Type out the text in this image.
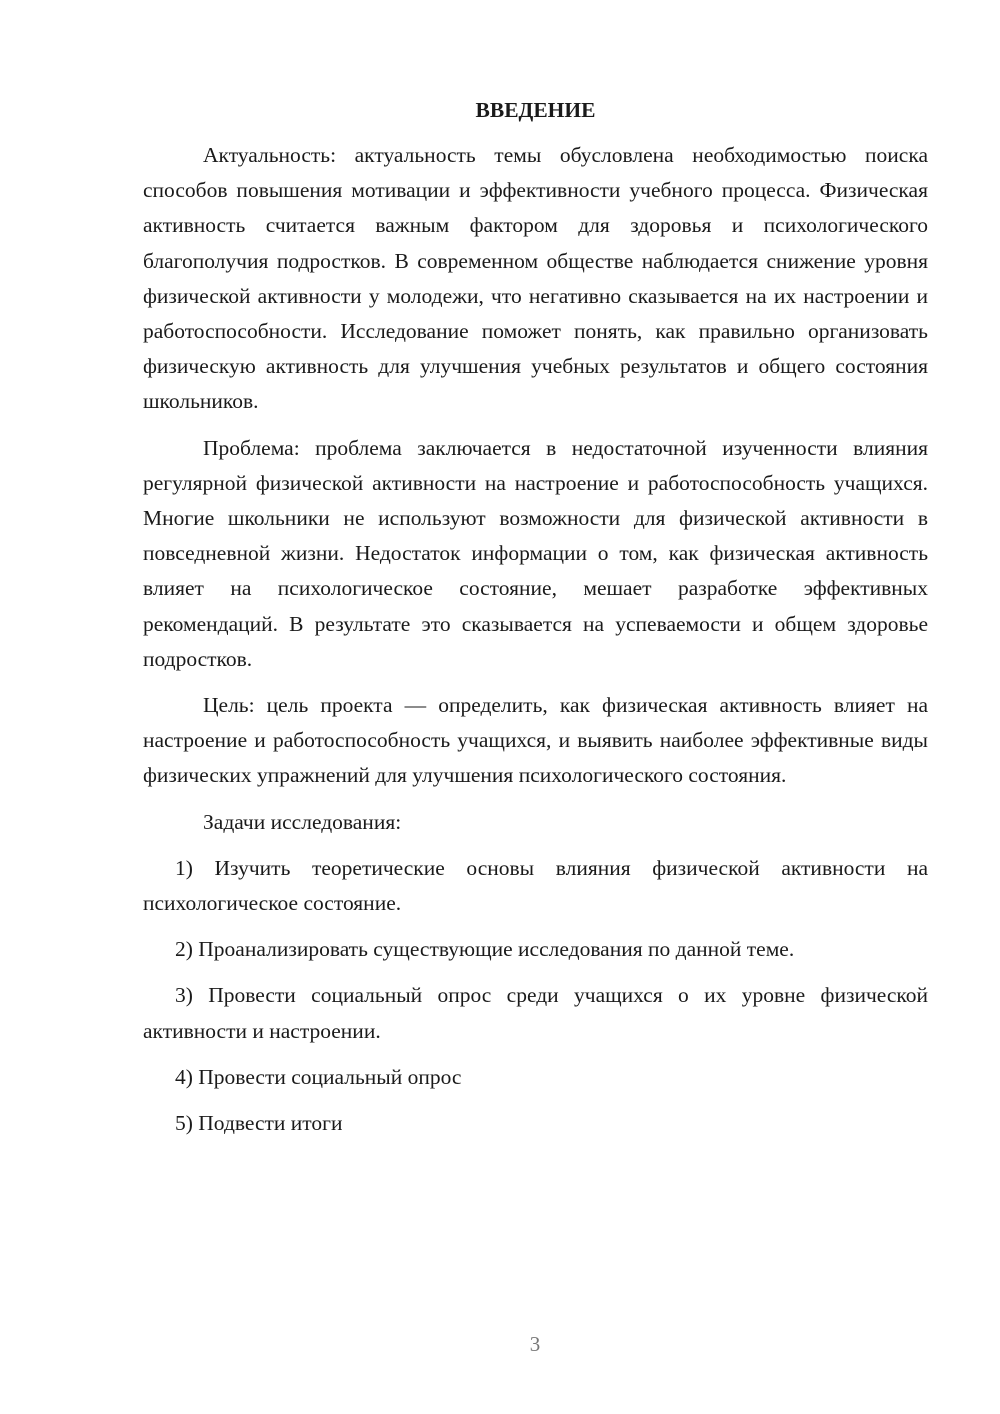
ВВЕДЕНИЕ

Актуальность: актуальность темы обусловлена необходимостью поиска способов повышения мотивации и эффективности учебного процесса. Физическая активность считается важным фактором для здоровья и психологического благополучия подростков. В современном обществе наблюдается снижение уровня физической активности у молодежи, что негативно сказывается на их настроении и работоспособности. Исследование поможет понять, как правильно организовать физическую активность для улучшения учебных результатов и общего состояния школьников.

Проблема: проблема заключается в недостаточной изученности влияния регулярной физической активности на настроение и работоспособность учащихся. Многие школьники не используют возможности для физической активности в повседневной жизни. Недостаток информации о том, как физическая активность влияет на психологическое состояние, мешает разработке эффективных рекомендаций. В результате это сказывается на успеваемости и общем здоровье подростков.

Цель: цель проекта — определить, как физическая активность влияет на настроение и работоспособность учащихся, и выявить наиболее эффективные виды физических упражнений для улучшения психологического состояния.

Задачи исследования:

1) Изучить теоретические основы влияния физической активности на психологическое состояние.

2) Проанализировать существующие исследования по данной теме.

3) Провести социальный опрос среди учащихся о их уровне физической активности и настроении.

4) Провести социальный опрос

5) Подвести итоги

3
